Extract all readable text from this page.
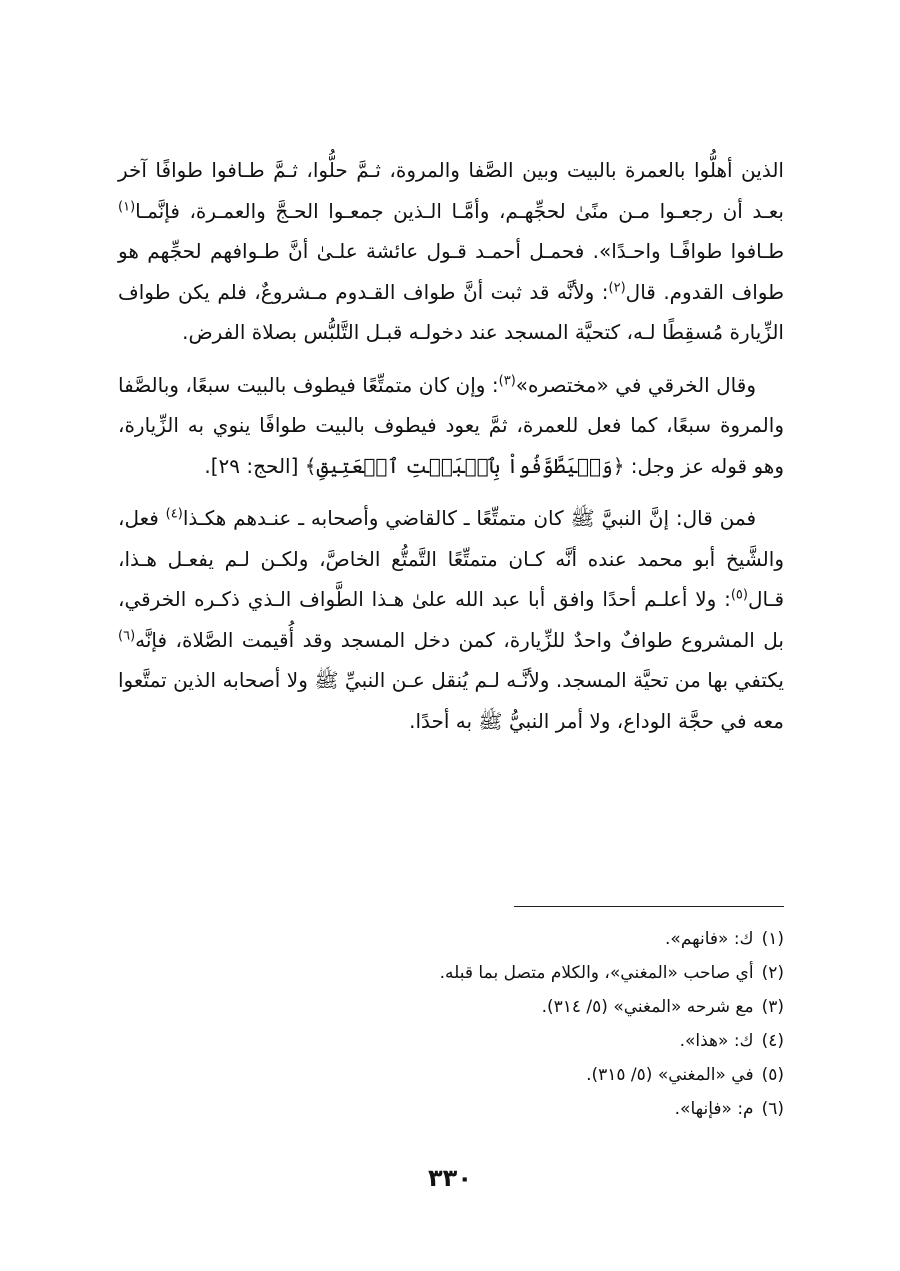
الذين أهلُّوا بالعمرة بالبيت وبين الصَّفا والمروة، ثـمَّ حلُّوا، ثـمَّ طـافوا طوافًا آخر بعـد أن رجعـوا مـن منًىٰ لحجِّهـم، وأمَّـا الـذين جمعـوا الحـجَّ والعمـرة، فإنَّمـا$^{(١)}$ طـافوا طوافًـا واحـدًا». فحمـل أحمـد قـول عائشة علـىٰ أنَّ طـوافهم لحجِّهم هو طواف القدوم. قال$^{(٢)}$: ولأنَّه قد ثبت أنَّ طواف القـدوم مـشروعٌ، فلم يكن طواف الزِّيارة مُسقِطًا لـه، كتحيَّة المسجد عند دخولـه قبـل التَّلبُّس بصلاة الفرض.

وقال الخرقي في «مختصره»$^{(٣)}$: وإن كان متمتِّعًا فيطوف بالبيت سبعًا، وبالصَّفا والمروة سبعًا، كما فعل للعمرة، ثمَّ يعود فيطوف بالبيت طوافًا ينوي به الزِّيارة، وهو قوله عز وجل: ﴿وَلۡيَطَّوَّفُواْ بِٱلۡبَيۡتِ ٱلۡعَتِيقِ﴾ [الحج: ٢٩].

فمن قال: إنَّ النبيَّ ﷺ كان متمتِّعًا ـ كالقاضي وأصحابه ـ عنـدهم هكـذا$^{(٤)}$ فعل، والشَّيخ أبو محمد عنده أنَّه كـان متمتِّعًا التَّمتُّع الخاصَّ، ولكـن لـم يفعـل هـذا، قـال$^{(٥)}$: ولا أعلـم أحدًا وافق أبا عبد الله علىٰ هـذا الطَّواف الـذي ذكـره الخرقي، بل المشروع طوافٌ واحدٌ للزِّيارة، كمن دخل المسجد وقد أُقيمت الصَّلاة، فإنَّه$^{(٦)}$ يكتفي بها من تحيَّة المسجد. ولأنَّـه لـم يُنقل عـن النبيِّ ﷺ ولا أصحابه الذين تمتَّعوا معه في حجَّة الوداع، ولا أمر النبيُّ ﷺ به أحدًا.

(١)ك: «فانهم».
(٢)أي صاحب «المغني»، والكلام متصل بما قبله.
(٣)مع شرحه «المغني» (٥/ ٣١٤).
(٤)ك: «هذا».
(٥)في «المغني» (٥/ ٣١٥).
(٦)م: «فإنها».
٣٣٠
